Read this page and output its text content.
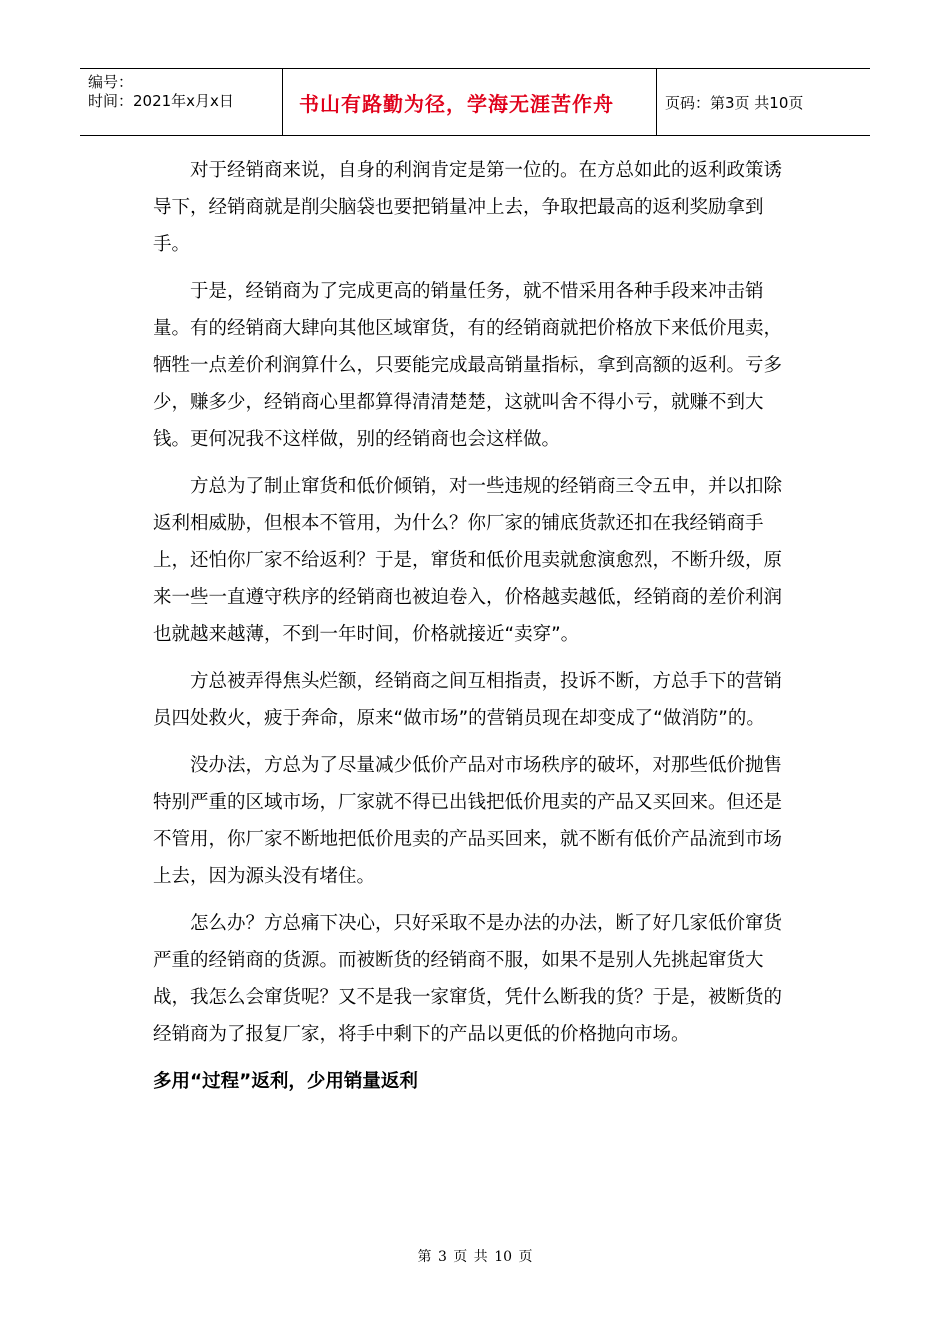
编号：
时间：2021年x月x日	书山有路勤为径，学海无涯苦作舟	页码：第3页 共10页

对于经销商来说，自身的利润肯定是第一位的。在方总如此的返利政策诱导下，经销商就是削尖脑袋也要把销量冲上去，争取把最高的返利奖励拿到手。

于是，经销商为了完成更高的销量任务，就不惜采用各种手段来冲击销量。有的经销商大肆向其他区域窜货，有的经销商就把价格放下来低价甩卖，牺牲一点差价利润算什么，只要能完成最高销量指标，拿到高额的返利。亏多少，赚多少，经销商心里都算得清清楚楚，这就叫舍不得小亏，就赚不到大钱。更何况我不这样做，别的经销商也会这样做。

方总为了制止窜货和低价倾销，对一些违规的经销商三令五申，并以扣除返利相威胁，但根本不管用，为什么？你厂家的铺底货款还扣在我经销商手上，还怕你厂家不给返利？于是，窜货和低价甩卖就愈演愈烈，不断升级，原来一些一直遵守秩序的经销商也被迫卷入，价格越卖越低，经销商的差价利润也就越来越薄，不到一年时间，价格就接近“卖穿”。

方总被弄得焦头烂额，经销商之间互相指责，投诉不断，方总手下的营销员四处救火，疲于奔命，原来“做市场”的营销员现在却变成了“做消防”的。

没办法，方总为了尽量减少低价产品对市场秩序的破坏，对那些低价抛售特别严重的区域市场，厂家就不得已出钱把低价甩卖的产品又买回来。但还是不管用，你厂家不断地把低价甩卖的产品买回来，就不断有低价产品流到市场上去，因为源头没有堵住。

怎么办？方总痛下决心，只好采取不是办法的办法，断了好几家低价窜货严重的经销商的货源。而被断货的经销商不服，如果不是别人先挑起窜货大战，我怎么会窜货呢？又不是我一家窜货，凭什么断我的货？于是，被断货的经销商为了报复厂家，将手中剩下的产品以更低的价格抛向市场。

多用“过程”返利，少用销量返利

第 3 页 共 10 页
